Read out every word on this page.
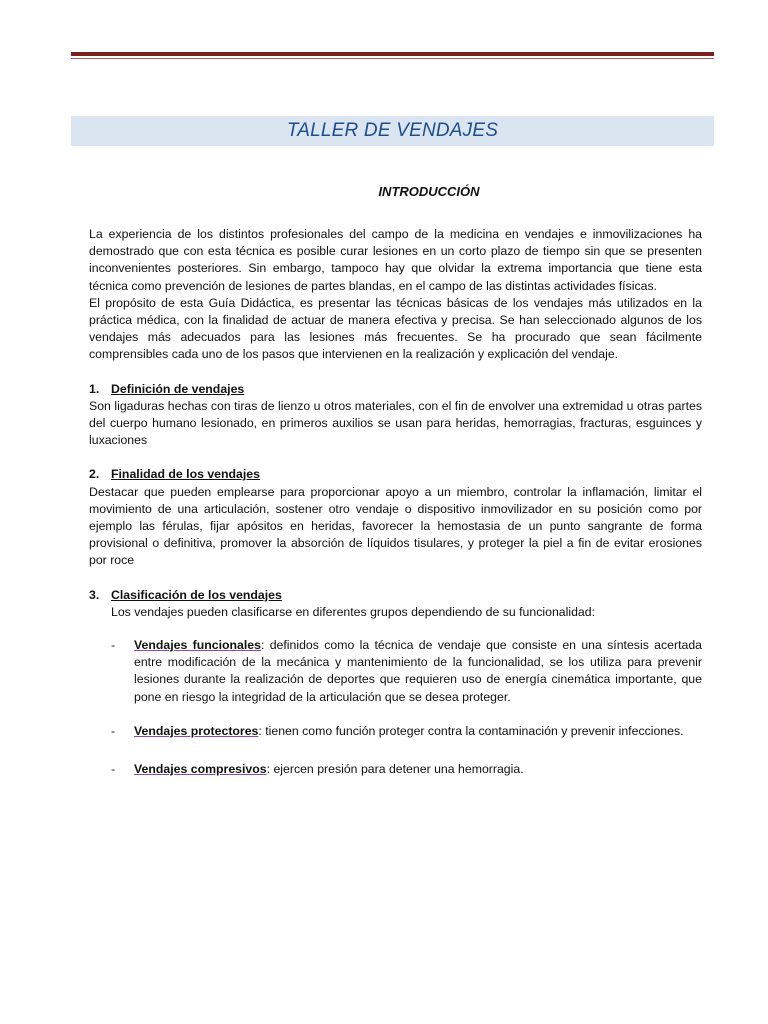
TALLER DE VENDAJES
INTRODUCCIÓN

La experiencia de los distintos profesionales del campo de la medicina en vendajes e inmovilizaciones ha demostrado que con esta técnica es posible curar lesiones en un corto plazo de tiempo sin que se presenten inconvenientes posteriores. Sin embargo, tampoco hay que olvidar la extrema importancia que tiene esta técnica como prevención de lesiones de partes blandas, en el campo de las distintas actividades físicas.

El propósito de esta Guía Didáctica, es presentar las técnicas básicas de los vendajes más utilizados en la práctica médica, con la finalidad de actuar de manera efectiva y precisa. Se han seleccionado algunos de los vendajes más adecuados para las lesiones más frecuentes. Se ha procurado que sean fácilmente comprensibles cada uno de los pasos que intervienen en la realización y explicación del vendaje.

1. Definición de vendajes

Son ligaduras hechas con tiras de lienzo u otros materiales, con el fin de envolver una extremidad u otras partes del cuerpo humano lesionado, en primeros auxilios se usan para heridas, hemorragias, fracturas, esguinces y luxaciones

2. Finalidad de los vendajes

Destacar que pueden emplearse para proporcionar apoyo a un miembro, controlar la inflamación, limitar el movimiento de una articulación, sostener otro vendaje o dispositivo inmovilizador en su posición como por ejemplo las férulas, fijar apósitos en heridas, favorecer la hemostasia de un punto sangrante de forma provisional o definitiva, promover la absorción de líquidos tisulares, y proteger la piel a fin de evitar erosiones por roce

3. Clasificación de los vendajes

Los vendajes pueden clasificarse en diferentes grupos dependiendo de su funcionalidad:

-	Vendajes funcionales: definidos como la técnica de vendaje que consiste en una síntesis acertada entre modificación de la mecánica y mantenimiento de la funcionalidad, se los utiliza para prevenir lesiones durante la realización de deportes que requieren uso de energía cinemática importante, que pone en riesgo la integridad de la articulación que se desea proteger.
-	Vendajes protectores: tienen como función proteger contra la contaminación y prevenir infecciones.
-	Vendajes compresivos: ejercen presión para detener una hemorragia.
